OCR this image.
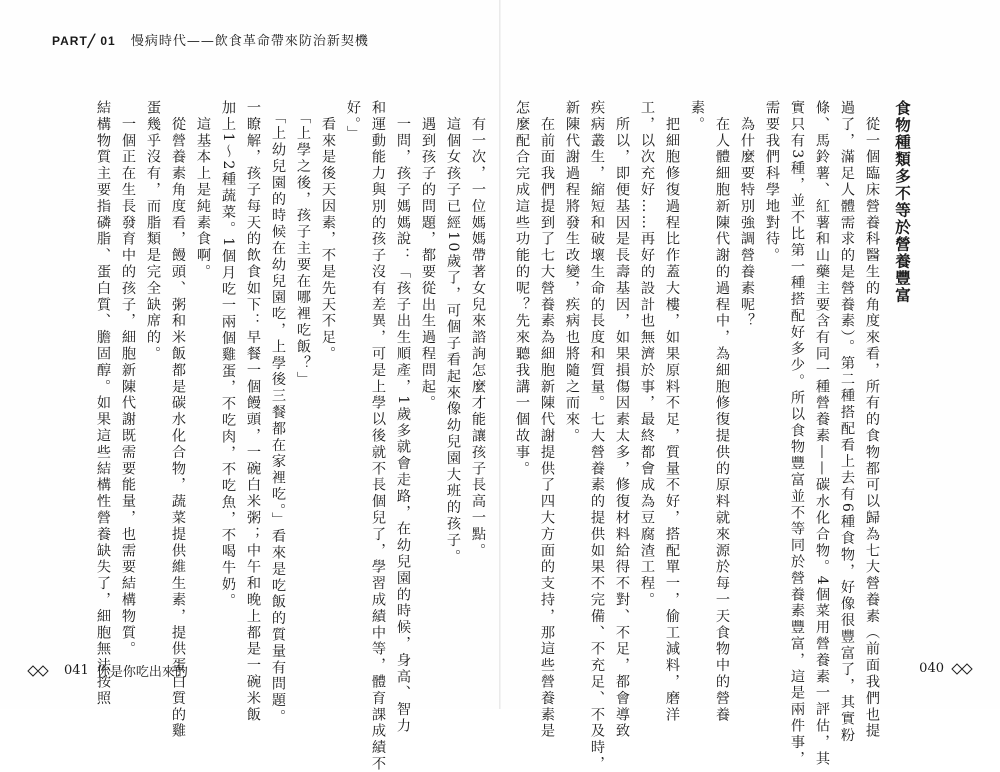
PART╱ 01 慢病時代——飲食革命帶來防治新契機
　有一次，一位媽媽帶著女兒來諮詢怎麼才能讓孩子長高一點。
　這個女孩子已經10歲了，可個子看起來像幼兒園大班的孩子。
　遇到孩子的問題，都要從出生過程問起。
　一問，孩子媽媽說：「孩子出生順產，1歲多就會走路，在幼兒園的時候，身高、智力
和運動能力與別的孩子沒有差異，可是上學以後就不長個兒了，學習成績中等，體育課成績不
好。」
　看來是後天因素，不是先天不足。
　「上學之後，孩子主要在哪裡吃飯？」
　「上幼兒園的時候在幼兒園吃，上學後三餐都在家裡吃。」看來是吃飯的質量有問題。
一瞭解，孩子每天的飲食如下：早餐一個饅頭，一碗白米粥；中午和晚上都是一碗米飯
加上1～2種蔬菜。1個月吃一兩個雞蛋，不吃肉，不吃魚，不喝牛奶。
　這基本上是純素食啊。
　從營養素角度看，饅頭、粥和米飯都是碳水化合物，蔬菜提供維生素，提供蛋白質的雞
蛋幾乎沒有，而脂類是完全缺席的。
　一個正在生長發育中的孩子，細胞新陳代謝既需要能量，也需要結構物質。
結構物質主要指磷脂、蛋白質、膽固醇。如果這些結構性營養缺失了，細胞無法按照	食物種類多不等於營養豐富
　從一個臨床營養科醫生的角度來看，所有的食物都可以歸為七大營養素（前面我們也提
過了，滿足人體需求的是營養素）。第二種搭配看上去有6種食物，好像很豐富了，其實粉
條、馬鈴薯、紅薯和山藥主要含有同一種營養素——碳水化合物。4個菜用營養素一評估，其
實只有3種，並不比第一種搭配好多少。所以食物豐富並不等同於營養素豐富，這是兩件事，
需要我們科學地對待。
　為什麼要特別強調營養素呢？
　在人體細胞新陳代謝的過程中，為細胞修復提供的原料就來源於每一天食物中的營養
素。
　把細胞修復過程比作蓋大樓，如果原料不足，質量不好，搭配單一，偷工減料，磨洋
工，以次充好……再好的設計也無濟於事，最終都會成為豆腐渣工程。
　所以，即便基因是長壽基因，如果損傷因素太多，修復材料給得不對、不足，都會導致
疾病叢生，縮短和破壞生命的長度和質量。七大營養素的提供如果不完備、不充足、不及時，
新陳代謝過程將發生改變，疾病也將隨之而來。
　在前面我們提到了七大營養素為細胞新陳代謝提供了四大方面的支持，那這些營養素是
怎麼配合完成這些功能的呢？先來聽我講一個故事。
041 你是你吃出來的	040
